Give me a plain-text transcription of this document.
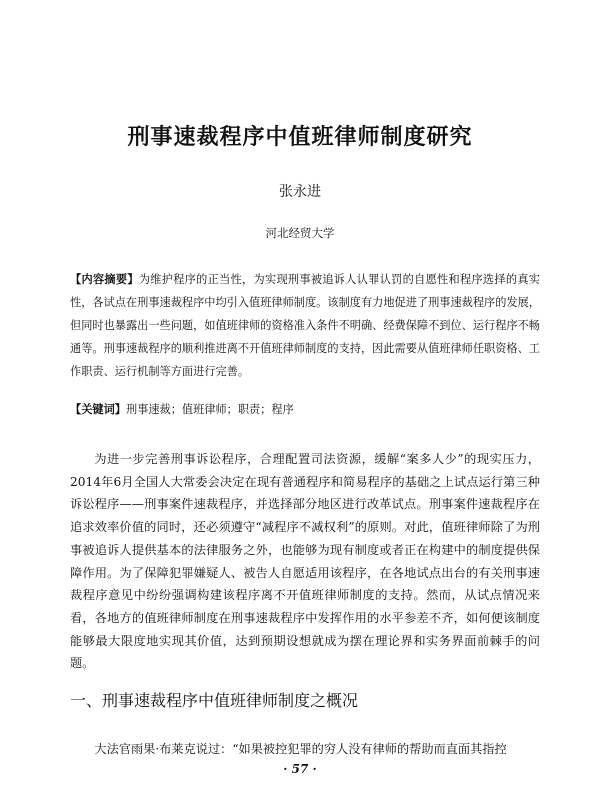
刑事速裁程序中值班律师制度研究
张永进
河北经贸大学
【内容摘要】为维护程序的正当性，为实现刑事被追诉人认罪认罚的自愿性和程序选择的真实性，各试点在刑事速裁程序中均引入值班律师制度。该制度有力地促进了刑事速裁程序的发展，但同时也暴露出一些问题，如值班律师的资格准入条件不明确、经费保障不到位、运行程序不畅通等。刑事速裁程序的顺利推进离不开值班律师制度的支持，因此需要从值班律师任职资格、工作职责、运行机制等方面进行完善。
【关键词】刑事速裁；值班律师；职责；程序
为进一步完善刑事诉讼程序，合理配置司法资源，缓解“案多人少”的现实压力，2014年6月全国人大常委会决定在现有普通程序和简易程序的基础之上试点运行第三种诉讼程序——刑事案件速裁程序，并选择部分地区进行改革试点。刑事案件速裁程序在追求效率价值的同时，还必须遵守“减程序不减权利”的原则。对此，值班律师除了为刑事被追诉人提供基本的法律服务之外，也能够为现有制度或者正在构建中的制度提供保障作用。为了保障犯罪嫌疑人、被告人自愿适用该程序，在各地试点出台的有关刑事速裁程序意见中纷纷强调构建该程序离不开值班律师制度的支持。然而，从试点情况来看，各地方的值班律师制度在刑事速裁程序中发挥作用的水平参差不齐，如何便该制度能够最大限度地实现其价值，达到预期设想就成为摆在理论界和实务界面前棘手的问题。
一、刑事速裁程序中值班律师制度之概况
大法官雨果·布莱克说过：“如果被控犯罪的穷人没有律师的帮助而直面其指控
· 57 ·
